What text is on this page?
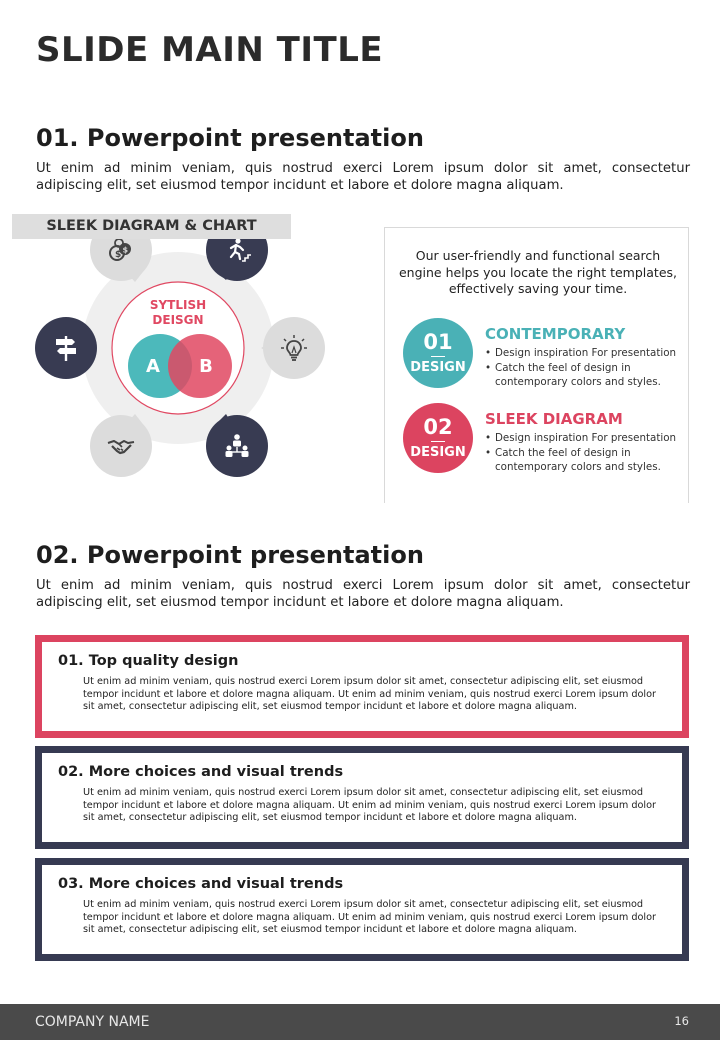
SLIDE MAIN TITLE
01. Powerpoint presentation

Ut enim ad minim veniam, quis nostrud exerci Lorem ipsum dolor sit amet, consectetur
adipiscing elit, set eiusmod tempor incidunt et labore et dolore magna aliquam.

SYTLISH
DEISGN
A	B
$ $
SLEEK DIAGRAM & CHART

Our user-friendly and functional search
engine helps you locate the right templates,
effectively saving your time.

01
DESIGN
CONTEMPORARY
• Design inspiration For presentation
• Catch the feel of design in contemporary colors and styles.
02
DESIGN
SLEEK DIAGRAM
• Design inspiration For presentation
• Catch the feel of design in contemporary colors and styles.
02. Powerpoint presentation

Ut enim ad minim veniam, quis nostrud exerci Lorem ipsum dolor sit amet, consectetur
adipiscing elit, set eiusmod tempor incidunt et labore et dolore magna aliquam.

01. Top quality design

Ut enim ad minim veniam, quis nostrud exerci Lorem ipsum dolor sit amet, consectetur adipiscing elit, set eiusmod
tempor incidunt et labore et dolore magna aliquam. Ut enim ad minim veniam, quis nostrud exerci Lorem ipsum dolor
sit amet, consectetur adipiscing elit, set eiusmod tempor incidunt et labore et dolore magna aliquam.

02. More choices and visual trends

Ut enim ad minim veniam, quis nostrud exerci Lorem ipsum dolor sit amet, consectetur adipiscing elit, set eiusmod
tempor incidunt et labore et dolore magna aliquam. Ut enim ad minim veniam, quis nostrud exerci Lorem ipsum dolor
sit amet, consectetur adipiscing elit, set eiusmod tempor incidunt et labore et dolore magna aliquam.

03. More choices and visual trends

Ut enim ad minim veniam, quis nostrud exerci Lorem ipsum dolor sit amet, consectetur adipiscing elit, set eiusmod
tempor incidunt et labore et dolore magna aliquam. Ut enim ad minim veniam, quis nostrud exerci Lorem ipsum dolor
sit amet, consectetur adipiscing elit, set eiusmod tempor incidunt et labore et dolore magna aliquam.

COMPANY NAME	16
